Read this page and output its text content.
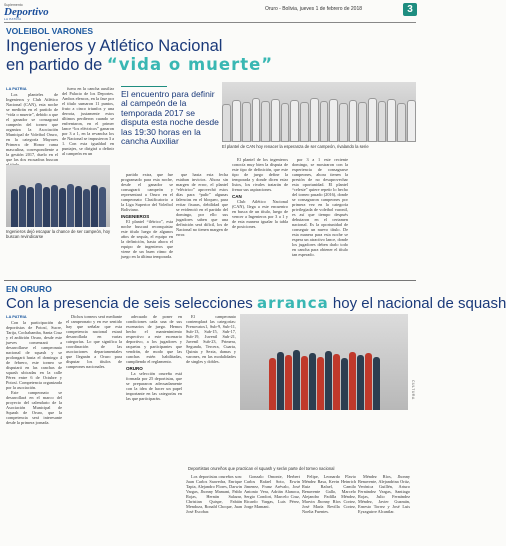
Suplemento
Deportivo
LA PATRIA
Oruro - Bolivia, jueves 1 de febrero de 2018	3
VOLEIBOL VARONES
Ingenieros y Atlético Nacional
en partido de “vida o muerte”
LA PATRIA
Los planteles de Ingenieros y Club Atlético Nacional (CAN), esta noche se medirán en el partido de “vida o muerte”, debido a que el ganador se consagrará campeón del torneo que organiza la Asociación Municipal de Voleibol Oruro, en la categoría Mayores Primera de Honor rama masculina, correspondiente a la gestión 2017, duelo en el que las dos escuadras buscan
fuera en la cancha auxiliar del Palacio de los Deportes. Ambos elencos, en la fase por el título sumaron 11 puntos, fruto a cinco triunfos y una derrota, justamente estos últimos perdieron cuando se enfrentaron, en el primer lance “los eléctricos” ganaron por 3 a 1, en la revancha los de Nacional se impusieron 3 a 1. Con esta igualdad en puntajes, se dirigirá a definir al campeón en un
El encuentro para definir al campeón de la temporada 2017 se disputa esta noche desde las 19:30 horas en la cancha Auxiliar
Ingenieros dejó escapar la chance de ser campeón, hoy buscan revindicarse
partido extra, que fue programado para esta noche, desde el ganador se consagrará campeón y representará a Oruro en el campeonato Clasificatorio a la Liga Superior del Voleibol Boliviano.
INGENIEROS
El plantel “ilétrico”, esta noche buscará reconquistar este título luego de algunos años de sequía, el equipo en la definición, hasta ahora el equipo de ingenieros que viene de un buen ritmo de juego en la última temporada.
que hasta esta fecha estaban invictos. Ahora sin margen de error, el plantel “eléctrico” aprovechó estos días para “pulir” algunas falencias en el bloqueo, para evitar fisuras, debilidad que se evidenció en el partido del domingo, por ello sus jugadores saben que una definición será difícil, los de Nacional no tienen margen de error.
El plantel de CAN hoy renacer la esperanza de ser campeón, rivalando la serie
El plantel de los ingenieros conocía muy bien la disputa de este tipo de definición, que este tipo de juego define la temporada y donde dicen estar listos, los rivales tratarán de frenar sus aspiraciones.
CAN
Club Atlético Nacional (CAN), llega a este encuentro en busca de un título, luego de vencer a Ingenieros por 3 a 1 y de esta manera igualar la tabla de posiciones.
por 3 a 1 este reciente domingo, se mostraron con la experiencia de consagrarse campeones, ahora tienen la presión de no desaprovechar esta oportunidad. El plantel “celeste” quiere repetir lo hecho del torneo pasado (2016), donde se consagraron campeones por primera vez en la categoría privilegiada de voleibol varonil, es así que tiempo después debutaron en el certamen nacional. Es la oportunidad de conseguir un nuevo título. De esta manera para esta noche se espera un atractivo lance, donde los jugadores deben darlo todo en cancha para obtener el título tan esperado.
EN ORURO
Con la presencia de seis selecciones arranca hoy el nacional de squash
LA PATRIA
Con la participación de deportistas de Potosí, Sucre, Tarija, Cochabamba, Santa Cruz y el anfitrión Oruro, desde este jueves comenzará a desarrollarse el campeonato nacional de squash y se prolongará hasta el domingo 4 de febrero, este torneo se disputará en las canchas de squash ubicadas en la calle Pérez entre 6 de Octubre y Potosí. Competencia organizada por la asociación.
Este campeonato se desarrollará en el marco del proyecto del calendario de la Asociación Municipal de Squash de Oruro, que la competencia será interesante desde la primera jornada.
Dichos torneos será mediante el campeonato y en ese sentido hay que señalar que esta competencia nacional estará desarrollada en varias categorías. Lo que significa la coordinación de las asociaciones departamentales que llegarán a Oruro para disputar los títulos de campeones nacionales.
adecuado de poner en condiciones cada una de sus escenarios de juego. Hemos hecho el mantenimiento respectivo a este escenario deportivo, a los jugadores y raquetas y participantes que vendrán, de modo que las canchas estén habilitadas, cumpliendo el reglamento.
ORURO
La selección orureña está formada por 25 deportistas, que se prepararon adecuadamente con la idea de hacer un papel importante en las categorías en las que participarán.
El campeonato contemplará las categorías: Prenovatos1, Sub-9, Sub-11, Sub-13, Sub-15, Sub-17, Sub-19, Juvenil Sub-21, Juvenil Sub-23, Primera, Segunda, Tercera, Cuarta, Quinta y Sexta, damas y varones, en las modalidades de singles y dobles.
Deportistas orureños que practican el squash y serán parte del torneo nacional
CULTURA
Los deportistas orureños son: Juan Carlos Saavedra, Enrique Tapia, Alejandro Flores, Darwin Vargas, Jhonny Mamani, Pablo Rojas, Hernán Salazar, Christian Quispe, Fabián Mendoza, Ronald Choque, Juan José Escobar.
Gonzalo Omonte, Herbert Carlos Rafael Soto, Erwin Jimenez, Franz Arévalo, José Antonio Vera, Adrián Alanoca, Sergio Condori, Marcelo Cruz, Ricardo Vargas, Luis Pérez, Jorge Mamani.
Felipe, Leonardo Flavio Méndez Rasa, Kevin Heinrich Ruiz Rafael, Camilo Benavente Gallo, Marcelo Alejandro Padilla Méndez, Marvin Jhonny Ríos Cortez, José María Revilla Cortez, Noelia Fuentes.
Méndez Ríos, Jhonny Benavente, Alejandrina Ortiz, Verónica Guillén, Arturo Fernández Vargas, Santiago Rojas, Julio Fernández Méndez, Javier Guzmán, Ernesto Torrez y José Luis Eyzaguirre Alcantlar.
